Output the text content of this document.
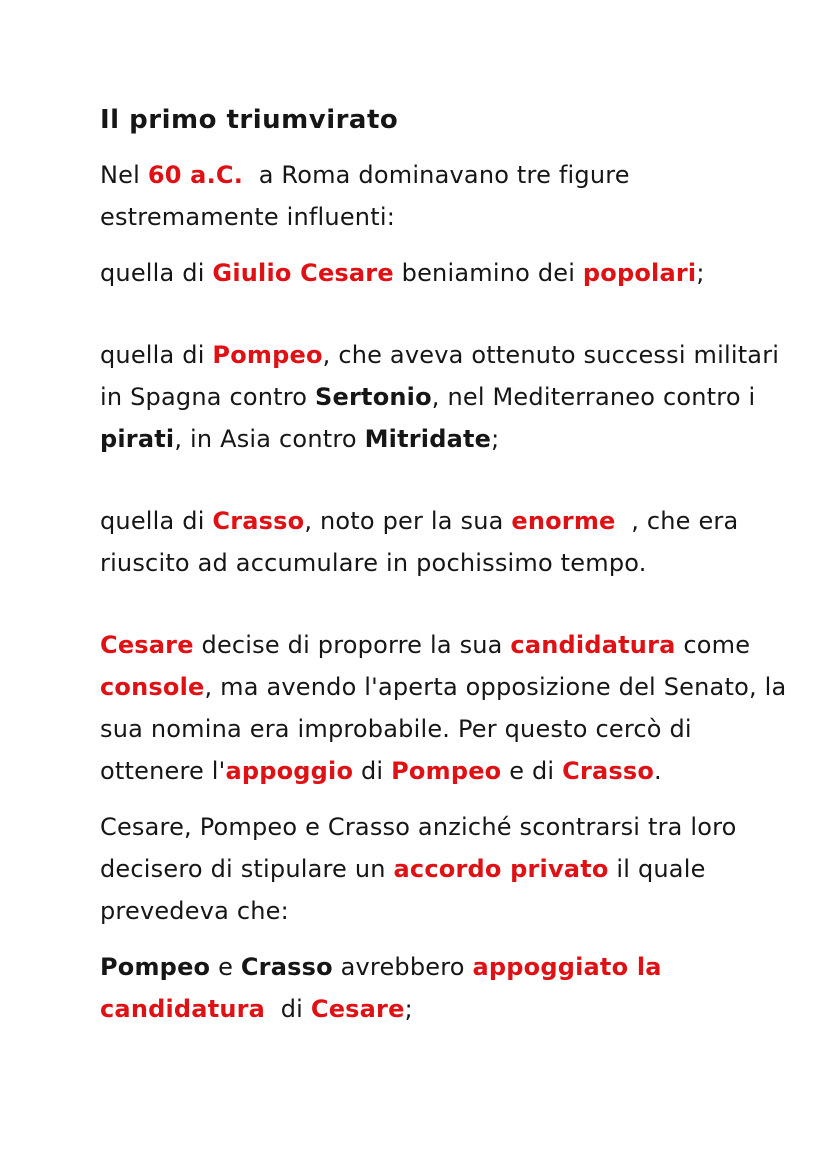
Il primo triumvirato

Nel 60 a.C.  a Roma dominavano tre figure
estremamente influenti:

quella di Giulio Cesare beniamino dei popolari;

quella di Pompeo, che aveva ottenuto successi militari
in Spagna contro Sertonio, nel Mediterraneo contro i
pirati, in Asia contro Mitridate;

quella di Crasso, noto per la sua enorme  , che era
riuscito ad accumulare in pochissimo tempo.

Cesare decise di proporre la sua candidatura come
console, ma avendo l'aperta opposizione del Senato, la
sua nomina era improbabile. Per questo cercò di
ottenere l'appoggio di Pompeo e di Crasso.

Cesare, Pompeo e Crasso anziché scontrarsi tra loro
decisero di stipulare un accordo privato il quale
prevedeva che:

Pompeo e Crasso avrebbero appoggiato la
candidatura  di Cesare;
